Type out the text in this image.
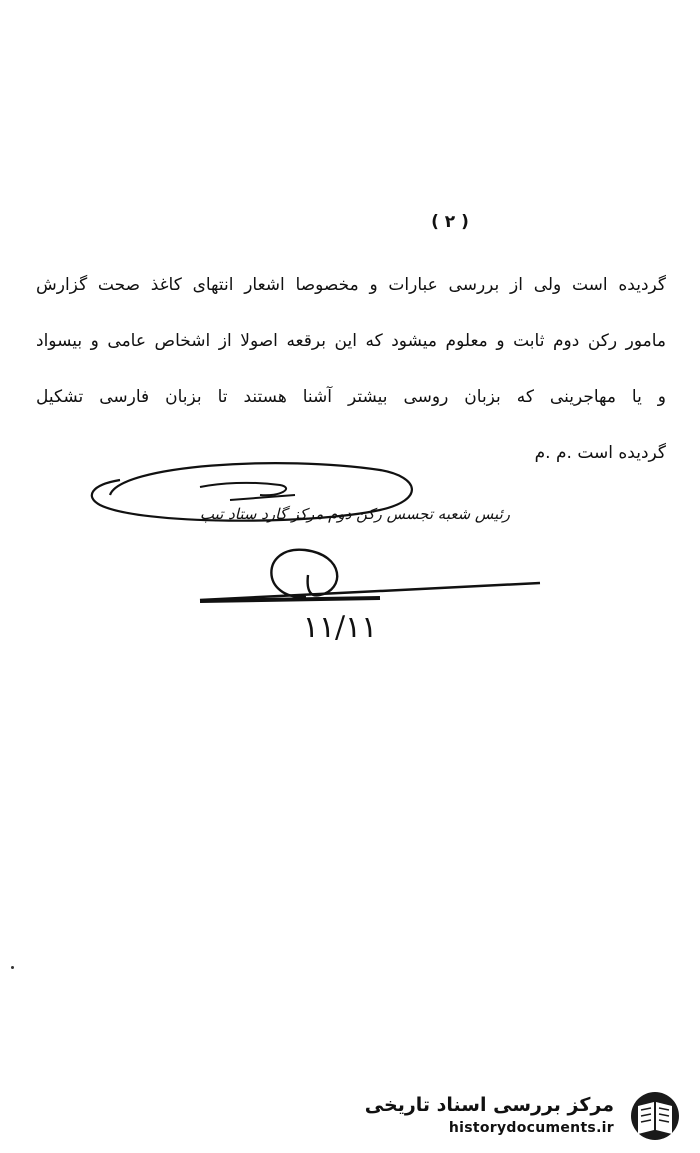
( ۲ )
گردیده است ولی از بررسی عبارات و مخصوصا اشعار انتهای کاغذ صحت گزارش
مامور رکن دوم ثابت و معلوم میشود که این برقعه اصولا از اشخاص عامی و بیسواد
و یا مهاجرینی که بزبان روسی بیشتر آشنا هستند تا بزبان فارسی تشکیل
گردیده است .م .م
رئیس شعبه تجسس رکن دوم مرکز گارد ستاد تیپ
۱۱/۱۱
مرکز بررسی اسناد تاریخی
historydocuments.ir
